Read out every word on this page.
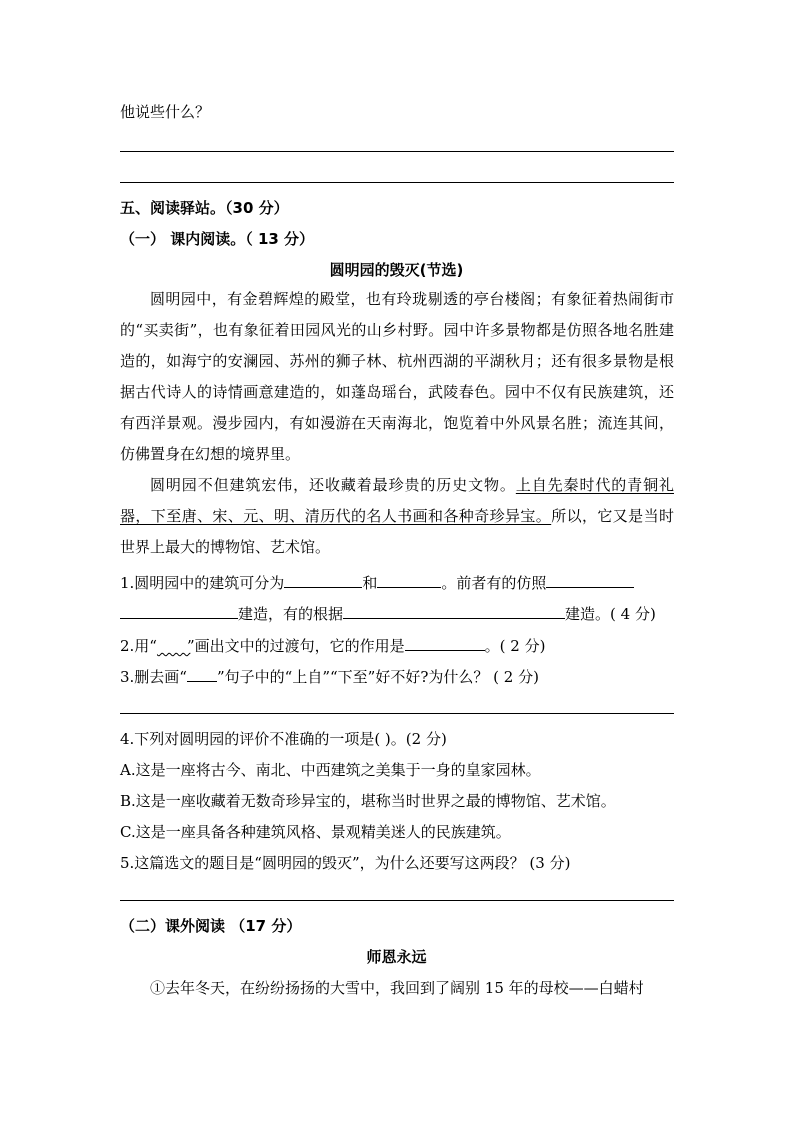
他说些什么？
五、阅读驿站。（30 分）
（一） 课内阅读。（ 13 分）
圆明园的毁灭(节选)
圆明园中，有金碧辉煌的殿堂，也有玲珑剔透的亭台楼阁；有象征着热闹街市的“买卖街”，也有象征着田园风光的山乡村野。园中许多景物都是仿照各地名胜建造的，如海宁的安澜园、苏州的狮子林、杭州西湖的平湖秋月；还有很多景物是根据古代诗人的诗情画意建造的，如蓬岛瑶台，武陵春色。园中不仅有民族建筑，还有西洋景观。漫步园内，有如漫游在天南海北，饱览着中外风景名胜；流连其间，仿佛置身在幻想的境界里。
圆明园不但建筑宏伟，还收藏着最珍贵的历史文物。上自先秦时代的青铜礼器，下至唐、宋、元、明、清历代的名人书画和各种奇珍异宝。所以，它又是当时世界上最大的博物馆、艺术馆。
1.圆明园中的建筑可分为	和	。前者有的仿照
建造，有的根据	建造。( 4 分)
2.用“ ”画出文中的过渡句，它的作用是	。( 2 分)
3.删去画“ ”句子中的“上自”“下至”好不好?为什么？ ( 2 分)
4.下列对圆明园的评价不准确的一项是( )。(2 分)
A.这是一座将古今、南北、中西建筑之美集于一身的皇家园林。
B.这是一座收藏着无数奇珍异宝的，堪称当时世界之最的博物馆、艺术馆。
C.这是一座具备各种建筑风格、景观精美迷人的民族建筑。
5.这篇选文的题目是“圆明园的毁灭”，为什么还要写这两段？ (3 分)
（二）课外阅读 （17 分）
师恩永远
①去年冬天，在纷纷扬扬的大雪中，我回到了阔别 15 年的母校——白蜡村
